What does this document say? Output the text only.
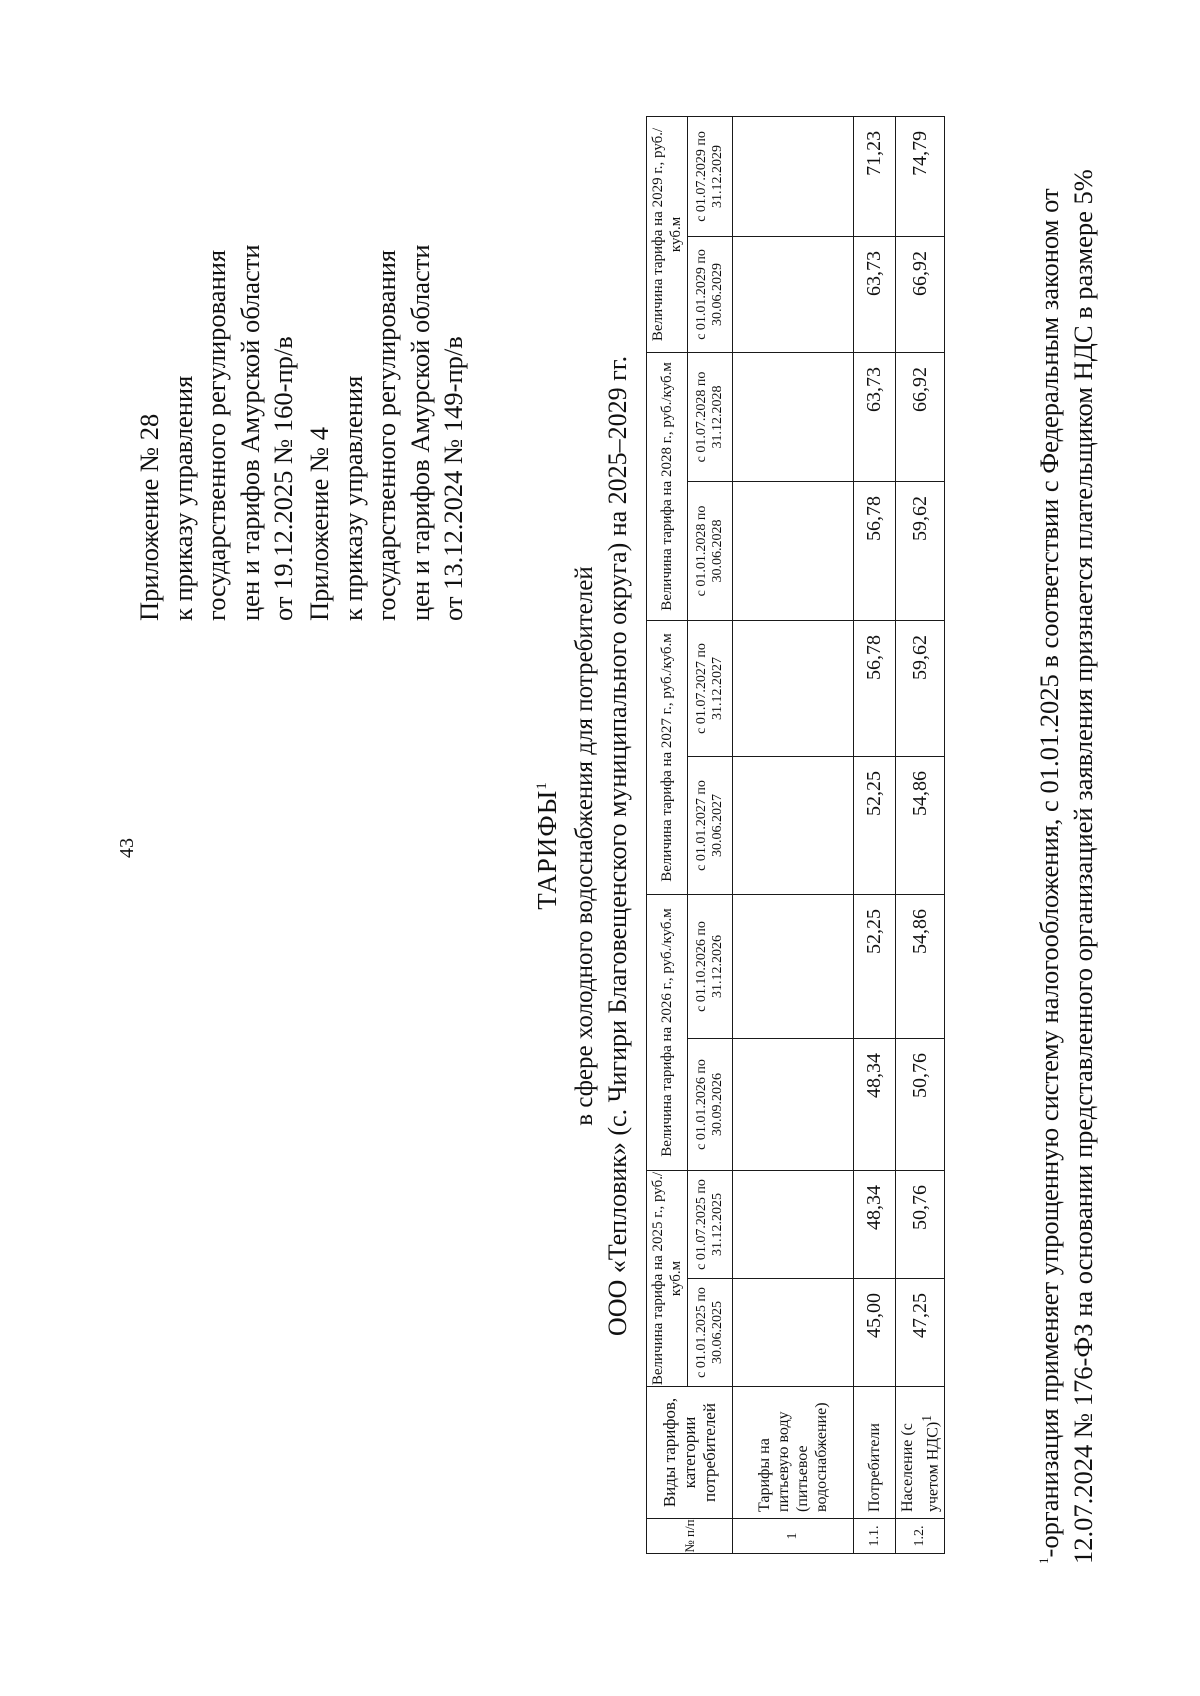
43
Приложение № 28 к приказу управления государственного регулирования цен и тарифов Амурской области от 19.12.2025 № 160-пр/в Приложение № 4 к приказу управления государственного регулирования цен и тарифов Амурской области от 13.12.2024 № 149-пр/в
ТАРИФЫ$^1$ в сфере холодного водоснабжения для потребителей ООО «Тепловик» (с. Чигири Благовещенского муниципального округа) на 2025–2029 гг.
№ п/п	Виды тарифов, категории потребителей	Величина тарифа на 2025 г., руб./куб.м		Величина тарифа на 2026 г., руб./куб.м		Величина тарифа на 2027 г., руб./куб.м		Величина тарифа на 2028 г., руб./куб.м		Величина тарифа на 2029 г., руб./куб.м	
		с 01.01.2025 по 30.06.2025	с 01.07.2025 по 31.12.2025	с 01.01.2026 по 30.09.2026	с 01.10.2026 по 31.12.2026	с 01.01.2027 по 30.06.2027	с 01.07.2027 по 31.12.2027	с 01.01.2028 по 30.06.2028	с 01.07.2028 по 31.12.2028	с 01.01.2029 по 30.06.2029	с 01.07.2029 по 31.12.2029
1	Тарифы на питьевую воду (питьевое водоснабжение)										
1.1.	Потребители	45,00	48,34	48,34	52,25	52,25	56,78	56,78	63,73	63,73	71,23
1.2.	Население (с учетом НДС)$^1$	47,25	50,76	50,76	54,86	54,86	59,62	59,62	66,92	66,92	74,79
$^1$-организация применяет упрощенную систему налогообложения, с 01.01.2025 в соответствии с Федеральным законом от 12.07.2024 № 176-ФЗ на основании представленного организацией заявления признается плательщиком НДС в размере 5%
